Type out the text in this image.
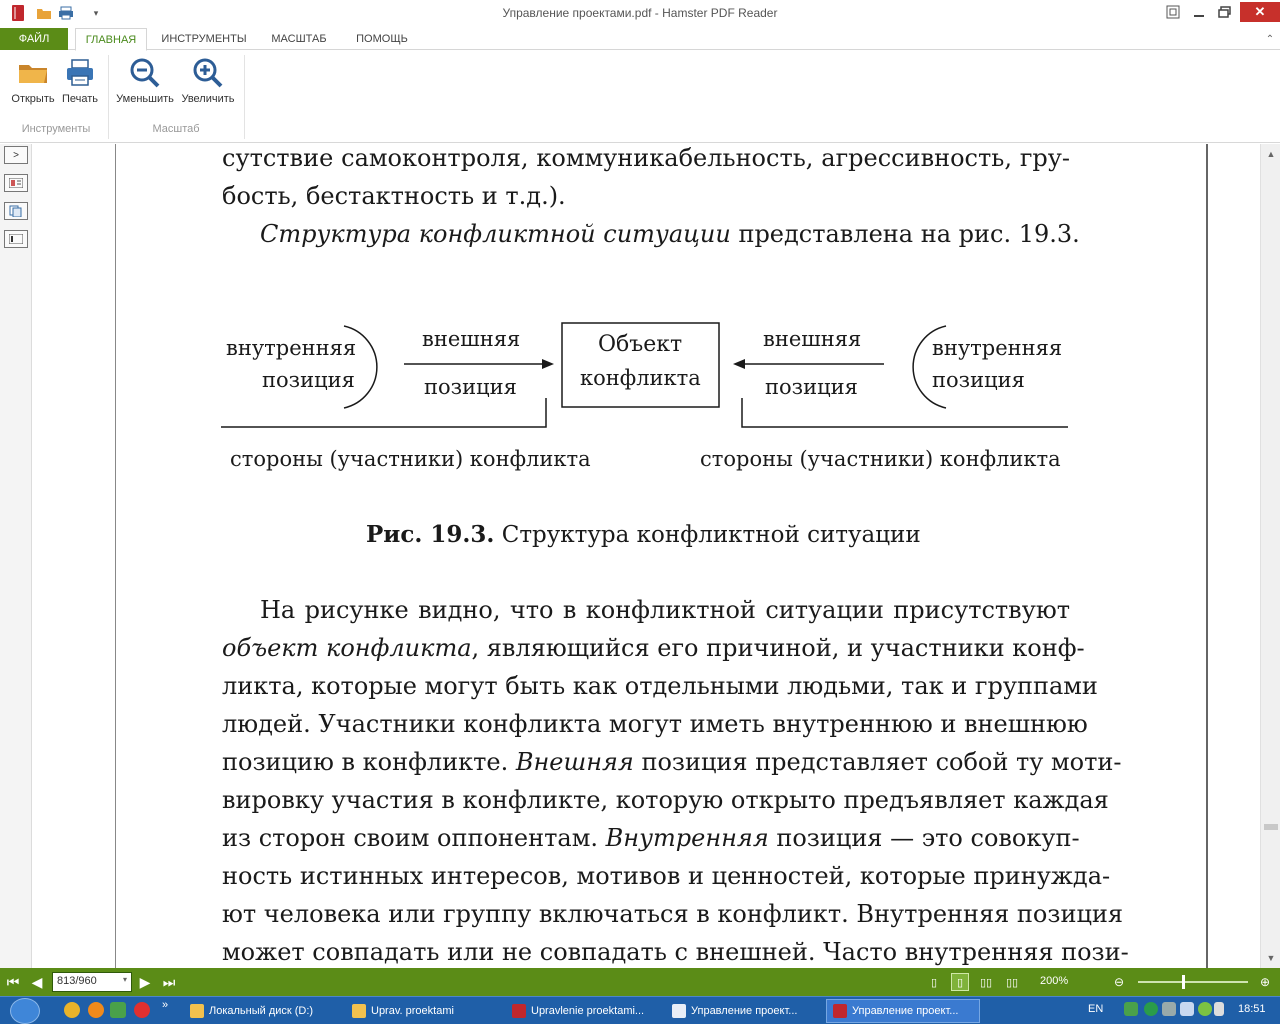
▾	Управление проектами.pdf - Hamster PDF Reader	✕
ФАЙЛ	ГЛАВНАЯ	ИНСТРУМЕНТЫ	МАСШТАБ	ПОМОЩЬ	⌃
Открыть Печать
Инструменты
Уменьшить Увеличить
Масштаб
>	сутствие самоконтроля, коммуникабельность, агрессивность, гру-
бость, бестактность и т.д.).
Структура конфликтной ситуации представлена на рис. 19.3.
внутренняя
позиция
внешняя
позиция
Объект
конфликта
внешняя
позиция
внутренняя
позиция
стороны (участники) конфликта	стороны (участники) конфликта
Рис. 19.3. Структура конфликтной ситуации
На рисунке видно, что в конфликтной ситуации присутствуют
объект конфликта, являющийся его причиной, и участники конф-
ликта, которые могут быть как отдельными людьми, так и группами
людей. Участники конфликта могут иметь внутреннюю и внешнюю
позицию в конфликте. Внешняя позиция представляет собой ту моти-
вировку участия в конфликте, которую открыто предъявляет каждая
из сторон своим оппонентам. Внутренняя позиция — это совокуп-
ность истинных интересов, мотивов и ценностей, которые принужда-
ют человека или группу включаться в конфликт. Внутренняя позиция
может совпадать или не совпадать с внешней. Часто внутренняя пози-
▲
▼
⏮ ◀	813/960	▾ ▶ ⏭	▯	▯	▯▯ ▯▯ 200%	⊖	⊕
»	Локальный диск (D:)	Uprav. proektami	Upravlenie proektami...	Управление проект...	Управление проект...	EN	18:51
